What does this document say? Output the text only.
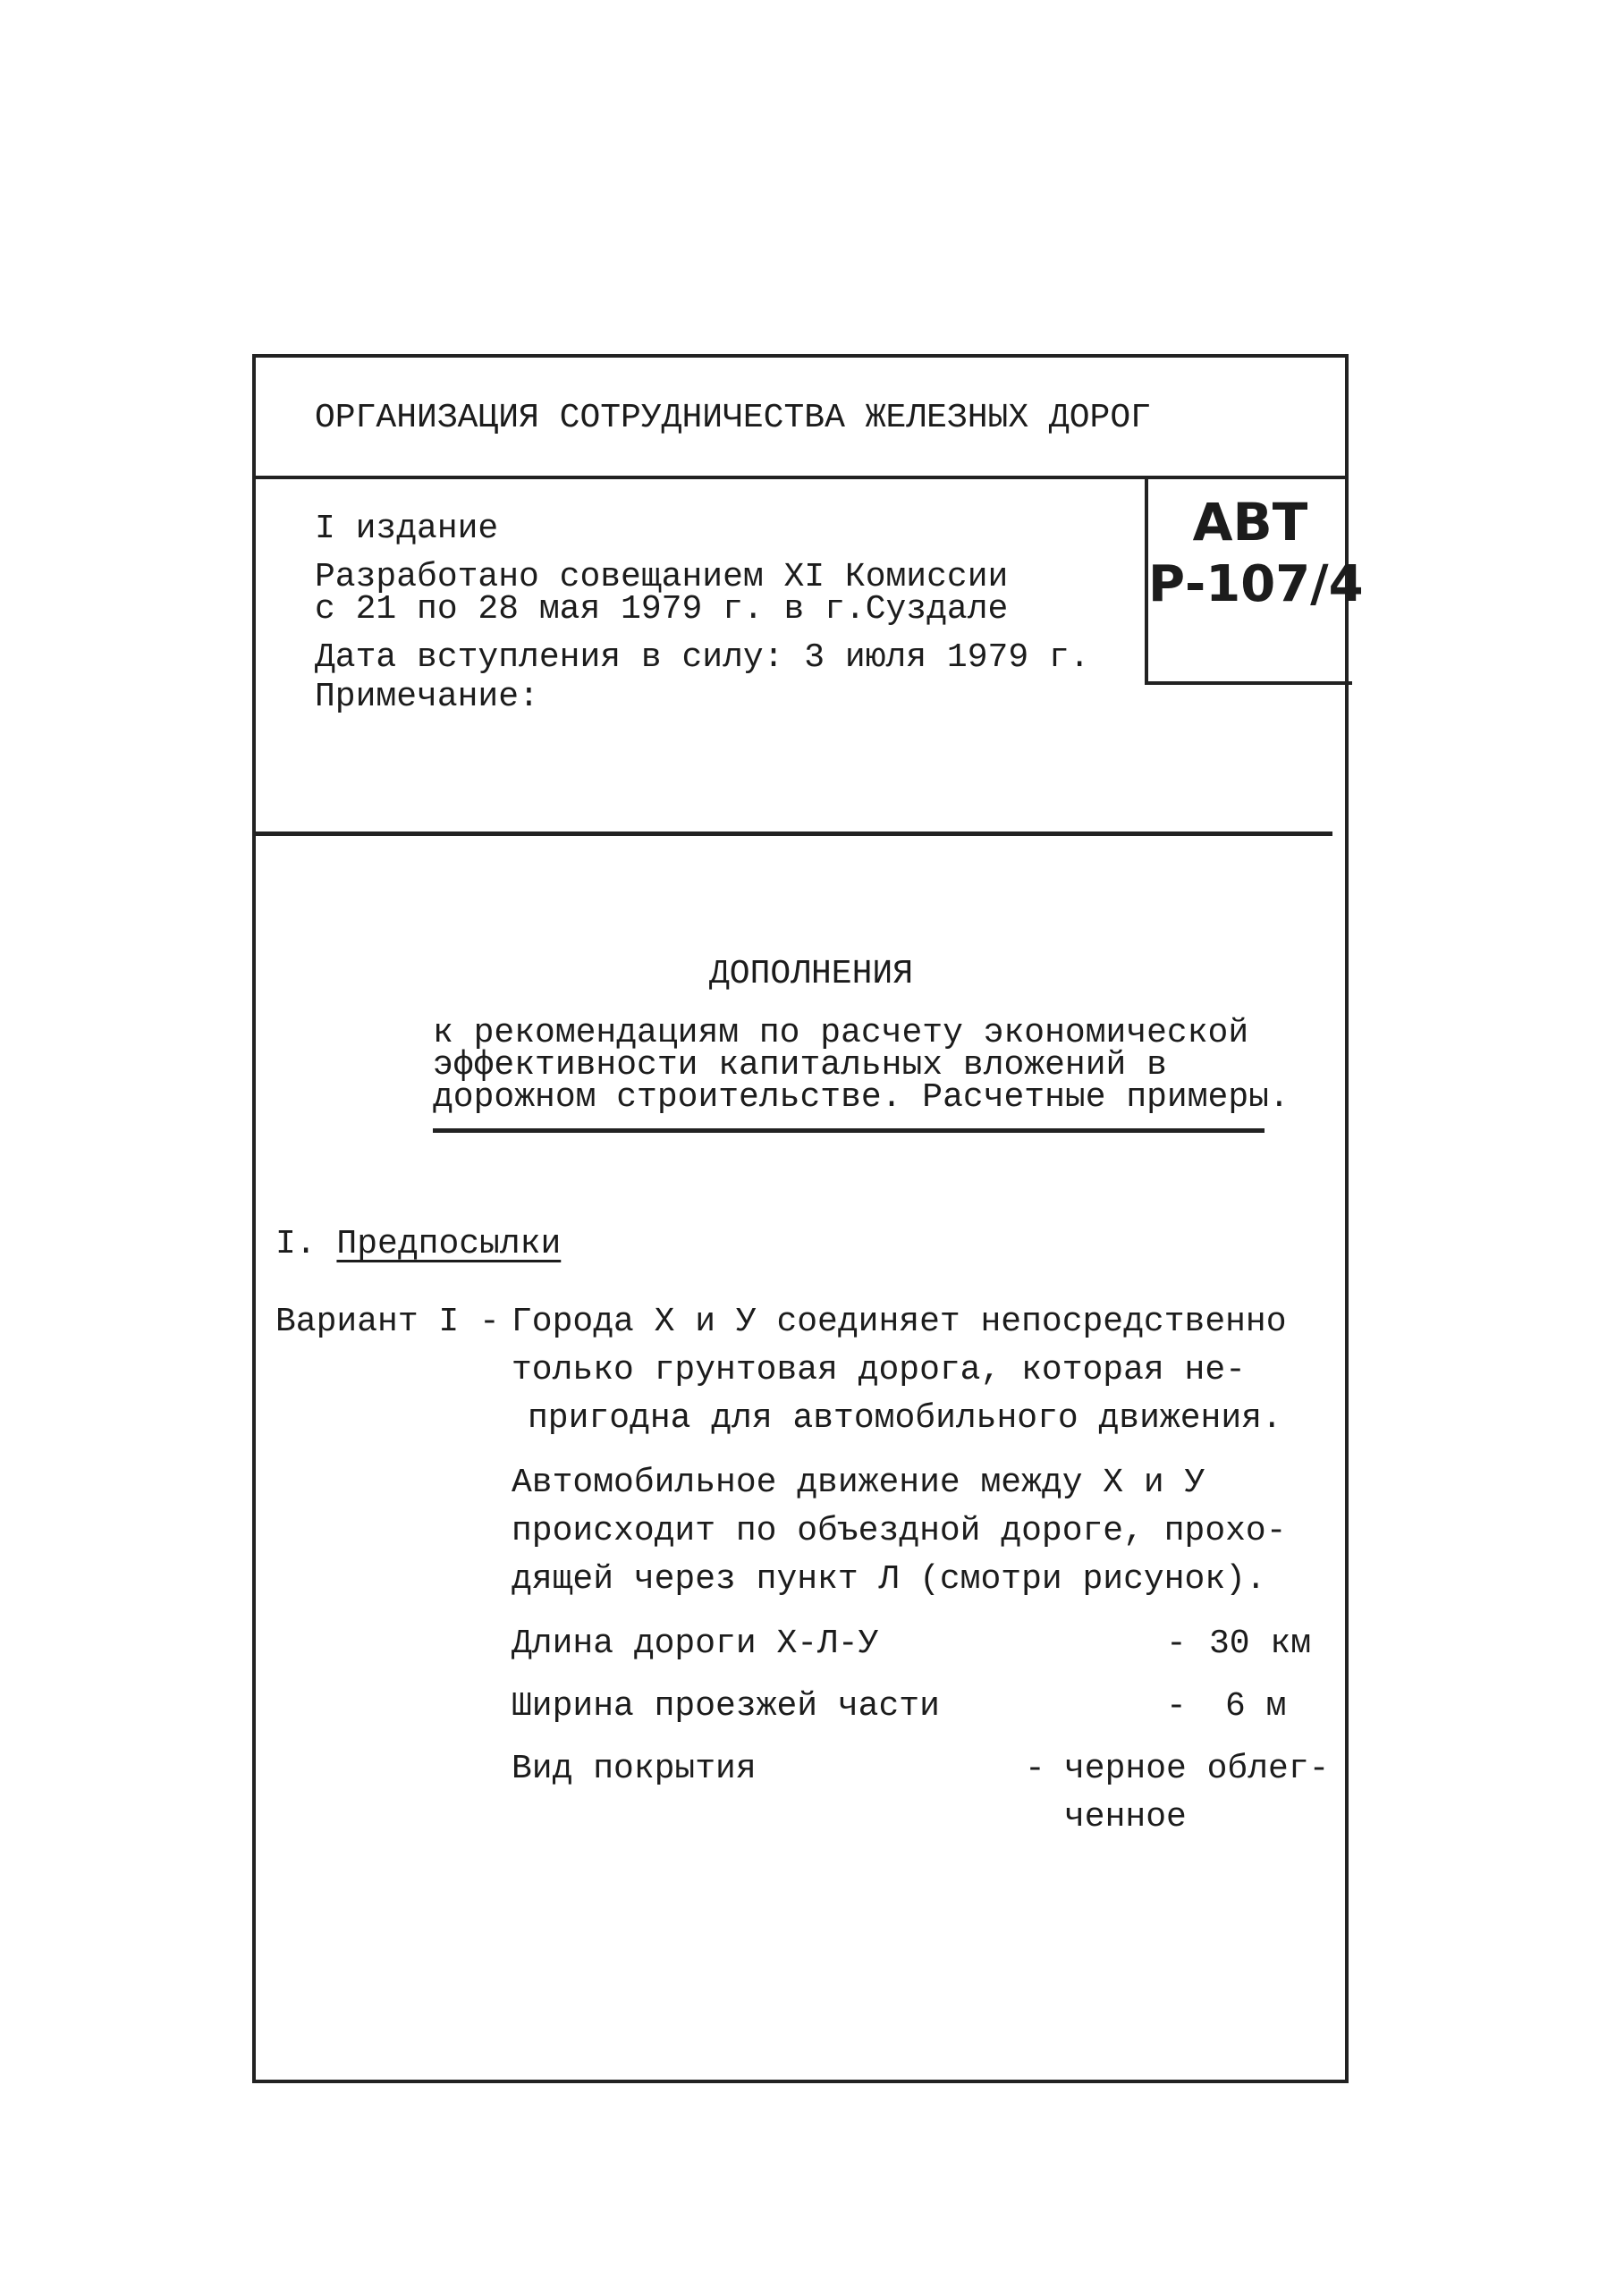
ОРГАНИЗАЦИЯ СОТРУДНИЧЕСТВА ЖЕЛЕЗНЫХ ДОРОГ
I издание
Разработано совещанием XI Комиссии
с 21 по 28 мая 1979 г. в г.Суздале
Дата вступления в силу: 3 июля 1979 г.
Примечание:
АВТ
Р-107/4
ДОПОЛНЕНИЯ
к рекомендациям по расчету экономической
эффективности капитальных вложений в
дорожном строительстве. Расчетные примеры.
I. Предпосылки
Вариант I - Города Х и У соединяет непосредственно
только грунтовая дорога, которая не-
пригодна для автомобильного движения.
Автомобильное движение между Х и У
происходит по объездной дороге, прохо-
дящей через пункт Л (смотри рисунок).
Длина дороги Х-Л-У	- 30 км
Ширина проезжей части	- 6 м
Вид покрытия	- черное облег-
ченное
